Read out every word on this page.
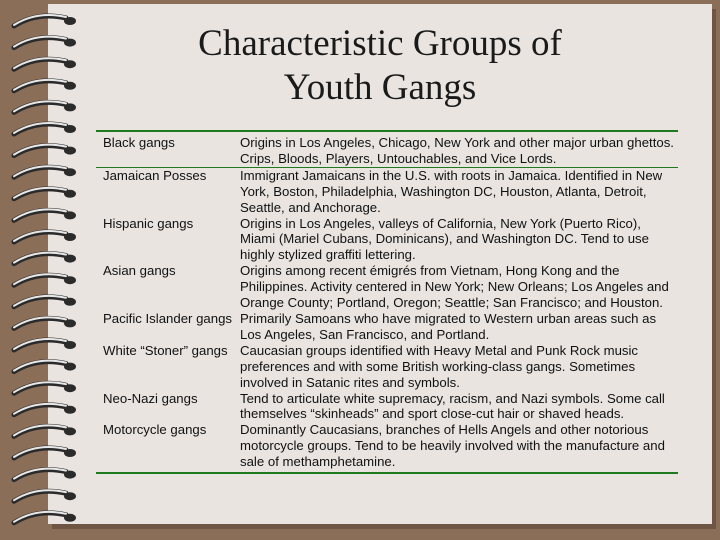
Characteristic Groups of
Youth Gangs
Black gangs	Origins in Los Angeles, Chicago, New York and other major urban ghettos. Crips, Bloods, Players, Untouchables, and Vice Lords.
Jamaican Posses	Immigrant Jamaicans in the U.S. with roots in Jamaica. Identified in New York, Boston, Philadelphia, Washington DC, Houston, Atlanta, Detroit, Seattle, and Anchorage.
Hispanic gangs	Origins in Los Angeles, valleys of California, New York (Puerto Rico), Miami (Mariel Cubans, Dominicans), and Washington DC. Tend to use highly stylized graffiti lettering.
Asian gangs	Origins among recent émigrés from Vietnam, Hong Kong and the Philippines. Activity centered in New York; New Orleans; Los Angeles and Orange County; Portland, Oregon; Seattle; San Francisco; and Houston.
Pacific Islander gangs	Primarily Samoans who have migrated to Western urban areas such as Los Angeles, San Francisco, and Portland.
White “Stoner” gangs	Caucasian groups identified with Heavy Metal and Punk Rock music preferences and with some British working-class gangs. Sometimes involved in Satanic rites and symbols.
Neo-Nazi gangs	Tend to articulate white supremacy, racism, and Nazi symbols. Some call themselves “skinheads” and sport close-cut hair or shaved heads.
Motorcycle gangs	Dominantly Caucasians, branches of Hells Angels and other notorious motorcycle groups. Tend to be heavily involved with the manufacture and sale of methamphetamine.
